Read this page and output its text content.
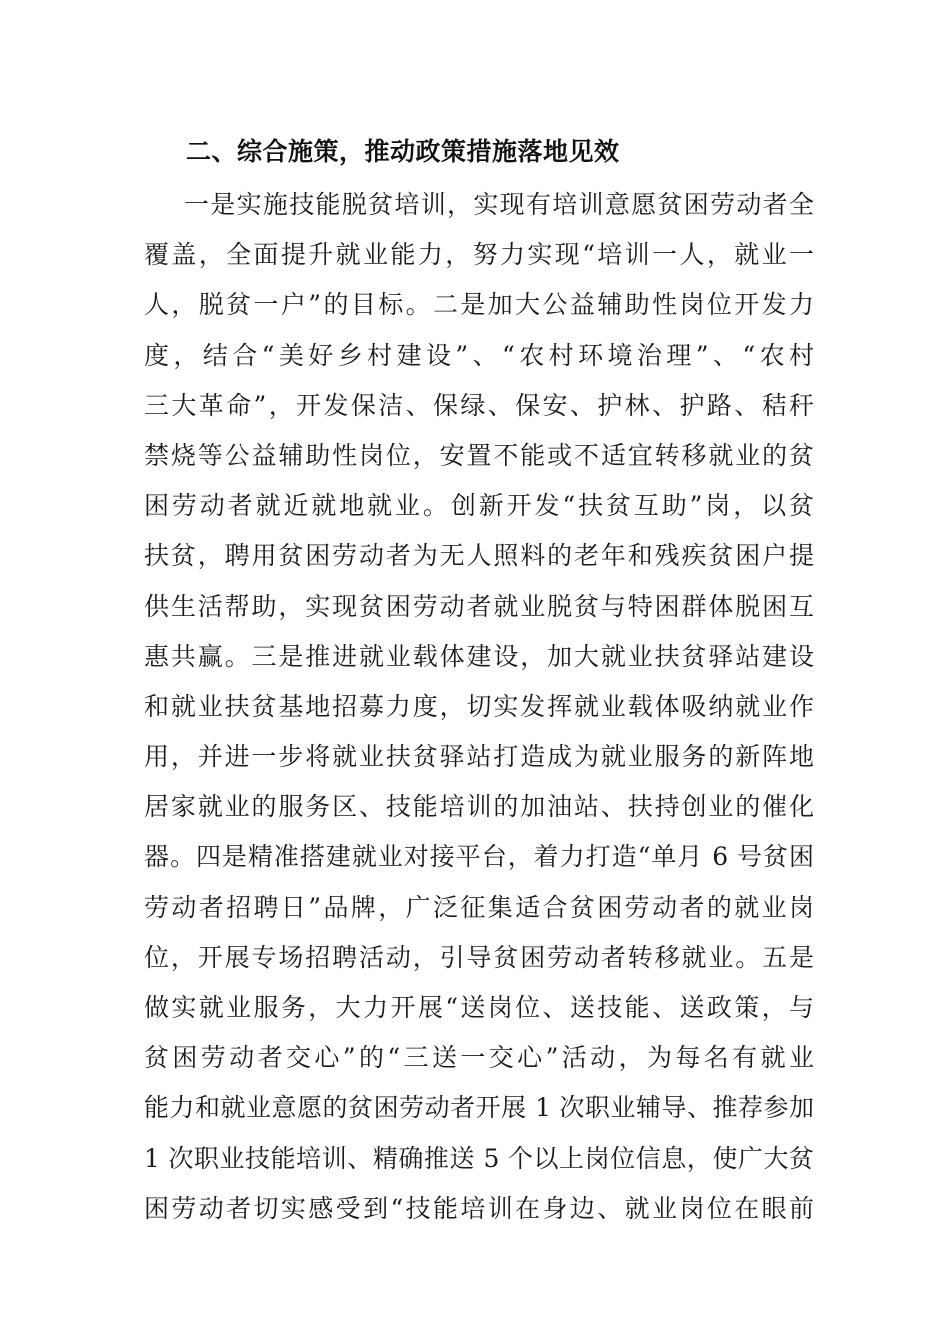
二、综合施策，推动政策措施落地见效
一是实施技能脱贫培训，实现有培训意愿贫困劳动者全
覆盖，全面提升就业能力，努力实现“培训一人，就业一
人，脱贫一户”的目标。二是加大公益辅助性岗位开发力
度，结合“美好乡村建设”、“农村环境治理”、“农村
三大革命”，开发保洁、保绿、保安、护林、护路、秸秆
禁烧等公益辅助性岗位，安置不能或不适宜转移就业的贫
困劳动者就近就地就业。创新开发“扶贫互助”岗，以贫
扶贫，聘用贫困劳动者为无人照料的老年和残疾贫困户提
供生活帮助，实现贫困劳动者就业脱贫与特困群体脱困互
惠共赢。三是推进就业载体建设，加大就业扶贫驿站建设
和就业扶贫基地招募力度，切实发挥就业载体吸纳就业作
用，并进一步将就业扶贫驿站打造成为就业服务的新阵地
居家就业的服务区、技能培训的加油站、扶持创业的催化
器。四是精准搭建就业对接平台，着力打造“单月 6 号贫困
劳动者招聘日”品牌，广泛征集适合贫困劳动者的就业岗
位，开展专场招聘活动，引导贫困劳动者转移就业。五是
做实就业服务，大力开展“送岗位、送技能、送政策，与
贫困劳动者交心”的“三送一交心”活动，为每名有就业
能力和就业意愿的贫困劳动者开展 1 次职业辅导、推荐参加
1 次职业技能培训、精确推送 5 个以上岗位信息，使广大贫
困劳动者切实感受到“技能培训在身边、就业岗位在眼前
